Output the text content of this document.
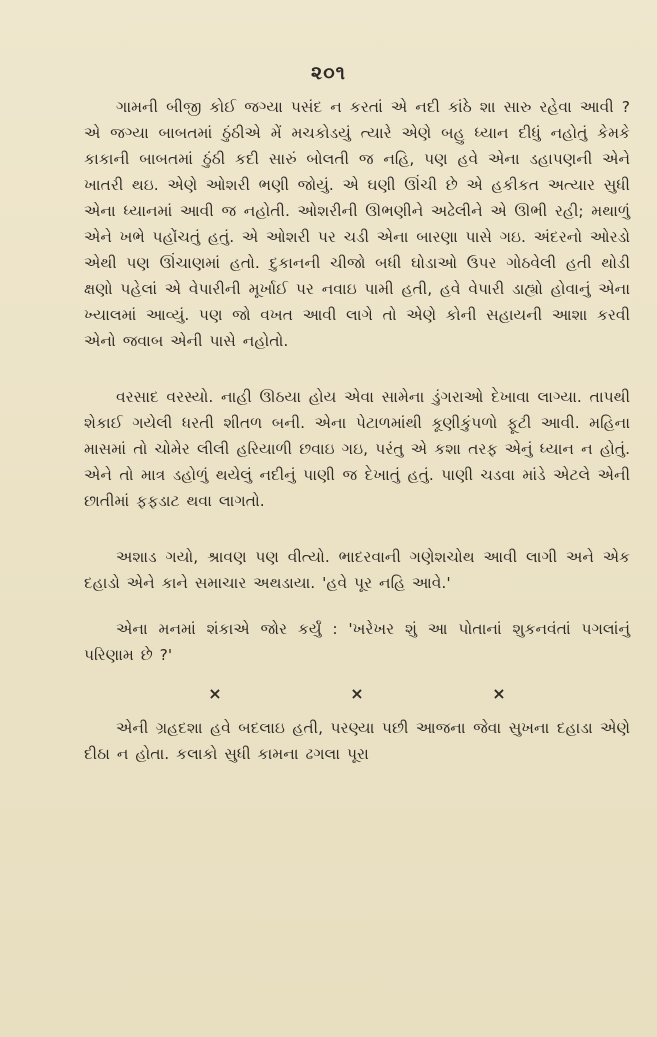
૨૦૧

ગામની બીજી કોઈ જગ્યા પસંદ ન કરતાં એ નદી કાંઠે શા સારુ રહેવા આવી ? એ જગ્યા બાબતમાં ઠુંઠીએ મેં મચકોડયું ત્યારે એણે બહુ ધ્યાન દીધું નહોતું કેમકે કાકાની બાબતમાં ઠુંઠી કદી સારું બોલતી જ નહિ, પણ હવે એના ડહાપણની એને ખાતરી થઇ. એણે ઓશરી ભણી જોયું. એ ઘણી ઊંચી છે એ હકીકત અત્યાર સુધી એના ધ્યાનમાં આવી જ નહોતી. ઓશરીની ઊભણીને અઢેલીને એ ઊભી રહી; મથાળું એને ખભે પહોંચતું હતું. એ ઓશરી પર ચડી એના બારણા પાસે ગઇ. અંદરનો ઓરડો એથી પણ ઊંચાણમાં હતો. દુકાનની ચીજો બધી ઘોડાઓ ઉપર ગોઠવેલી હતી થોડી ક્ષણો પહેલાં એ વેપારીની મૂર્ખાઈ પર નવાઇ પામી હતી, હવે વેપારી ડાહ્યો હોવાનું એના ખ્યાલમાં આવ્યું. પણ જો વખત આવી લાગે તો એણે કોની સહાયની આશા કરવી એનો જવાબ એની પાસે નહોતો.

વરસાદ વરસ્યો. નાહી ઊઠયા હોય એવા સામેના ડુંગરાઓ દેખાવા લાગ્યા. તાપથી શેકાઈ ગયેલી ધરતી શીતળ બની. એના પેટાળમાંથી કૂણીકુંપળો ફૂટી આવી. મહિના માસમાં તો ચોમેર લીલી હરિયાળી છવાઇ ગઇ, પરંતુ એ કશા તરફ એનું ધ્યાન ન હોતું. એને તો માત્ર ડહોળું થયેલું નદીનું પાણી જ દેખાતું હતું. પાણી ચડવા માંડે એટલે એની છાતીમાં ફફડાટ થવા લાગતો.

અશાડ ગયો, શ્રાવણ પણ વીત્યો. ભાદરવાની ગણેશચોથ આવી લાગી અને એક દહાડો એને કાને સમાચાર અથડાયા. 'હવે પૂર નહિ આવે.'

એના મનમાં શંકાએ જોર કર્યું : 'ખરેખર શું આ પોતાનાં શુકનવંતાં પગલાંનું પરિણામ છે ?'

×	×	×

એની ગ્રહદશા હવે બદલાઇ હતી, પરણ્યા પછી આજના જેવા સુખના દહાડા એણે દીઠા ન હોતા. કલાકો સુધી કામના ઢગલા પૂરા
